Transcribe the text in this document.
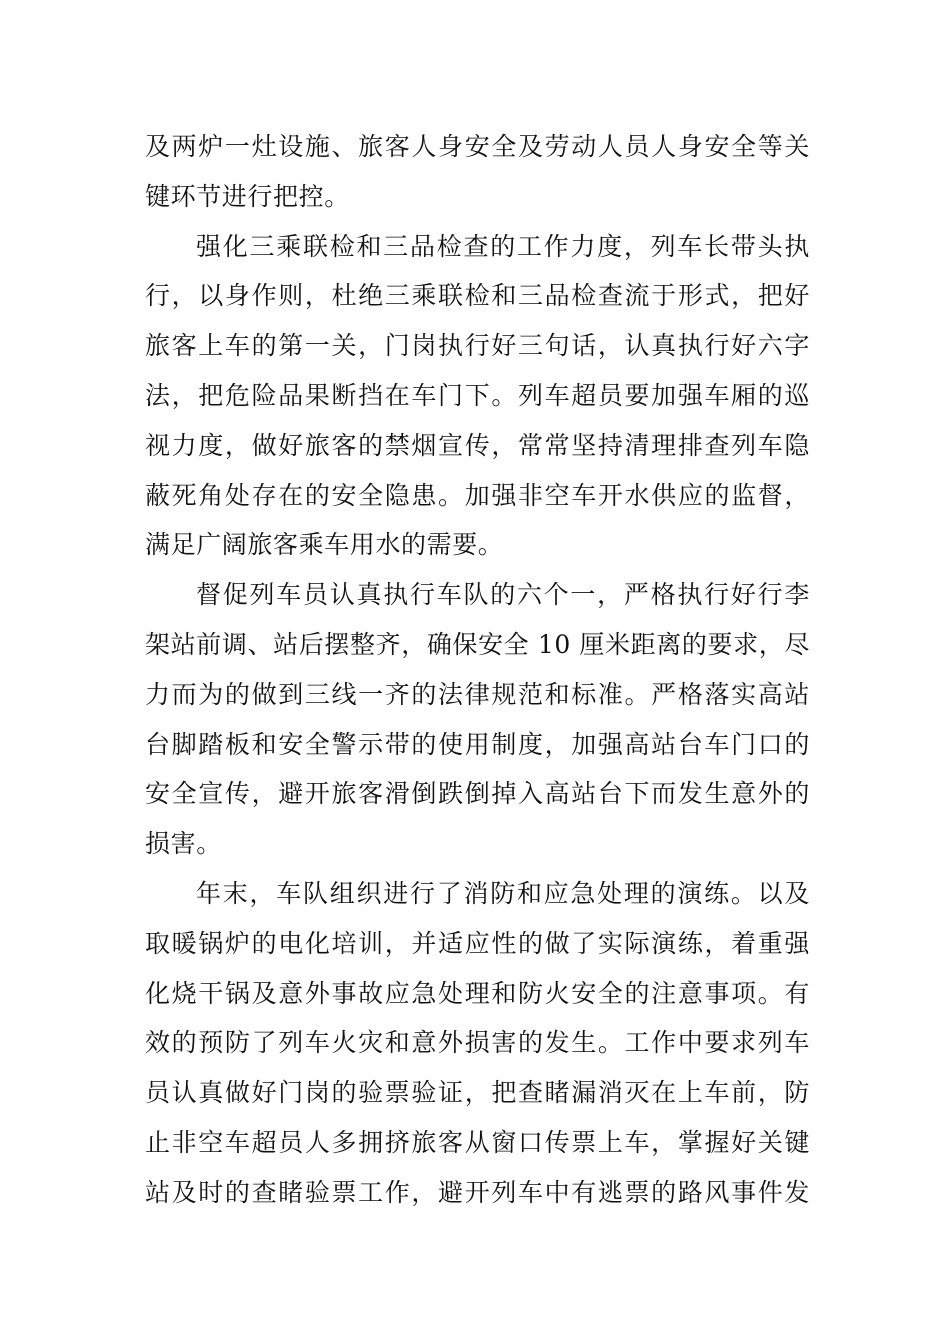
及两炉一灶设施、旅客人身安全及劳动人员人身安全等关
键环节进行把控。
强化三乘联检和三品检查的工作力度，列车长带头执
行，以身作则，杜绝三乘联检和三品检查流于形式，把好
旅客上车的第一关，门岗执行好三句话，认真执行好六字
法，把危险品果断挡在车门下。列车超员要加强车厢的巡
视力度，做好旅客的禁烟宣传，常常坚持清理排查列车隐
蔽死角处存在的安全隐患。加强非空车开水供应的监督，
满足广阔旅客乘车用水的需要。
督促列车员认真执行车队的六个一，严格执行好行李
架站前调、站后摆整齐，确保安全 10 厘米距离的要求，尽
力而为的做到三线一齐的法律规范和标准。严格落实高站
台脚踏板和安全警示带的使用制度，加强高站台车门口的
安全宣传，避开旅客滑倒跌倒掉入高站台下而发生意外的
损害。
年末，车队组织进行了消防和应急处理的演练。以及
取暖锅炉的电化培训，并适应性的做了实际演练，着重强
化烧干锅及意外事故应急处理和防火安全的注意事项。有
效的预防了列车火灾和意外损害的发生。工作中要求列车
员认真做好门岗的验票验证，把查睹漏消灭在上车前，防
止非空车超员人多拥挤旅客从窗口传票上车，掌握好关键
站及时的查睹验票工作，避开列车中有逃票的路风事件发
